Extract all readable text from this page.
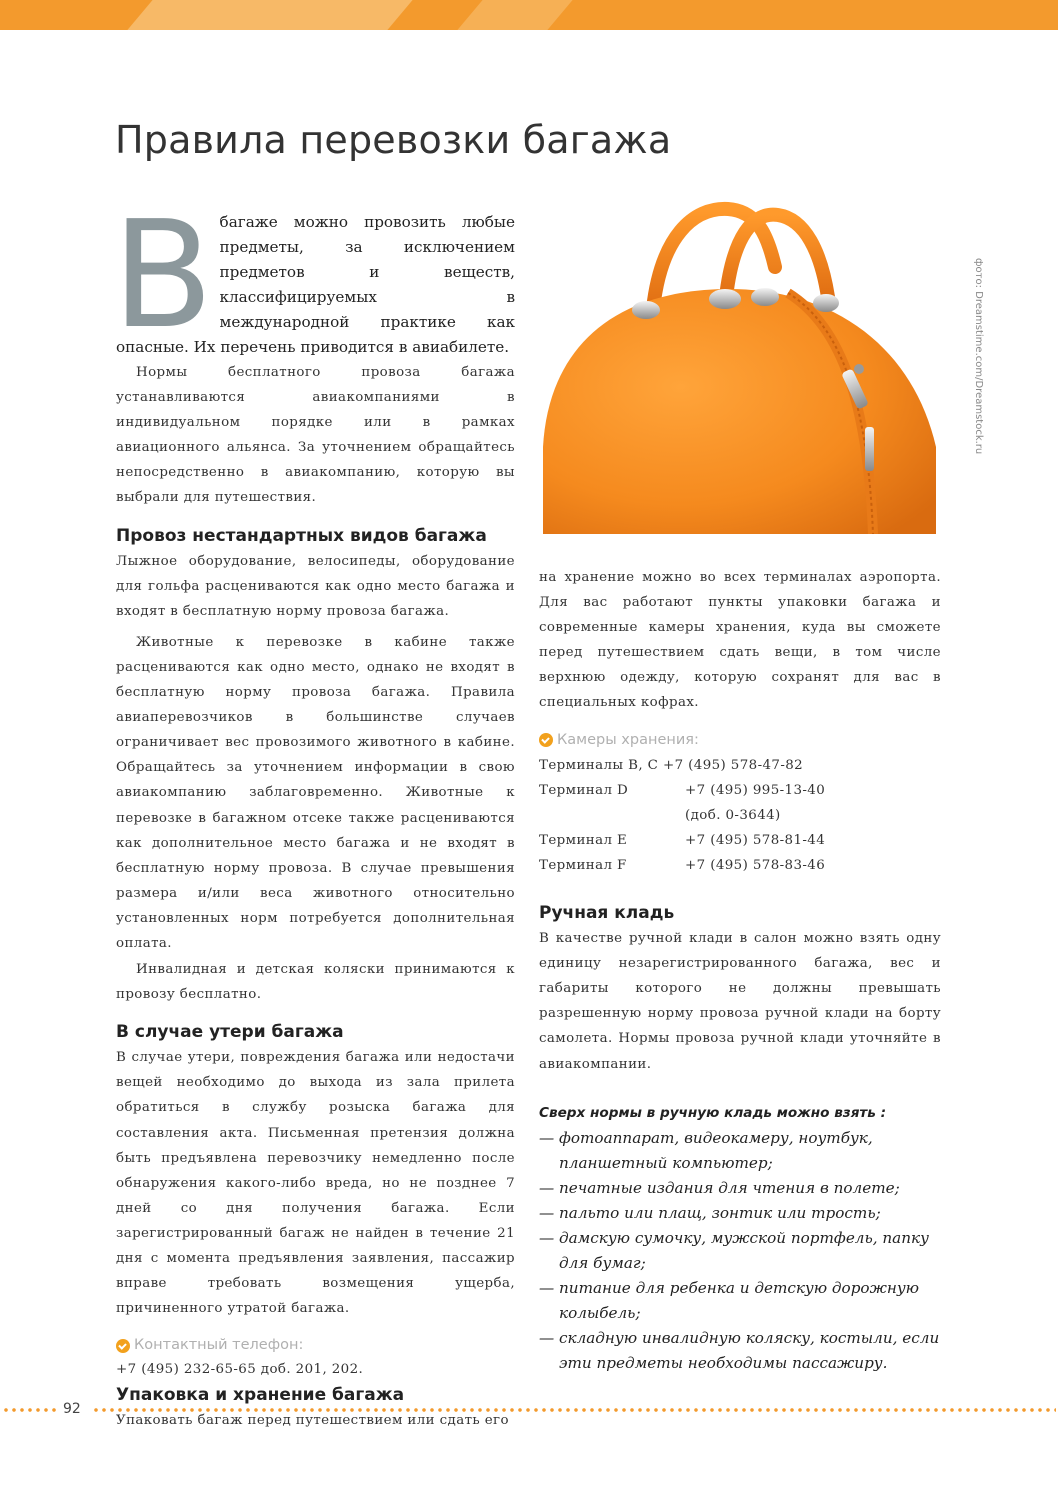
Правила перевозки багажа
В багаже можно провозить любые предметы, за исключением предметов и веществ, классифицируемых в международной практике как опасные. Их перечень приводится в авиабилете.

Нормы бесплатного провоза багажа устанавливаются авиакомпаниями в индивидуальном порядке или в рамках авиационного альянса. За уточнением обращайтесь непосредственно в авиакомпанию, которую вы выбрали для путешествия.

Провоз нестандартных видов багажа

Лыжное оборудование, велосипеды, оборудование для гольфа расцениваются как одно место багажа и входят в бесплатную норму провоза багажа.

Животные к перевозке в кабине также расцениваются как одно место, однако не входят в бесплатную норму провоза багажа. Правила авиаперевозчиков в большинстве случаев ограничивает вес провозимого животного в кабине. Обращайтесь за уточнением информации в свою авиакомпанию заблаговременно. Животные к перевозке в багажном отсеке также расцениваются как дополнительное место багажа и не входят в бесплатную норму провоза. В случае превышения размера и/или веса животного относительно установленных норм потребуется дополнительная оплата.

Инвалидная и детская коляски принимаются к провозу бесплатно.

В случае утери багажа

В случае утери, повреждения багажа или недостачи вещей необходимо до выхода из зала прилета обратиться в службу розыска багажа для составления акта. Письменная претензия должна быть предъявлена перевозчику немедленно после обнаружения какого-либо вреда, но не позднее 7 дней со дня получения багажа. Если зарегистрированный багаж не найден в течение 21 дня с момента предъявления заявления, пассажир вправе требовать возмещения ущерба, причиненного утратой багажа.

Контактный телефон:

+7 (495) 232-65-65 доб. 201, 202.

Упаковка и хранение багажа

Упаковать багаж перед путешествием или сдать его

фото: Dreamstime.com/Dreamstock.ru

на хранение можно во всех терминалах аэропорта. Для вас работают пункты упаковки багажа и современные камеры хранения, куда вы сможете перед путешествием сдать вещи, в том числе верхнюю одежду, которую сохранят для вас в специальных кофрах.

Камеры хранения:
Терминалы В, С +7 (495) 578-47-82
Терминал D	+7 (495) 995-13-40
(доб. 0-3644)
Терминал E	+7 (495) 578-81-44
Терминал F	+7 (495) 578-83-46
Ручная кладь

В качестве ручной клади в салон можно взять одну единицу незарегистрированного багажа, вес и габариты которого не должны превышать разрешенную норму провоза ручной клади на борту самолета. Нормы провоза ручной клади уточняйте в авиакомпании.

Сверх нормы в ручную кладь можно взять :
— фотоаппарат, видеокамеру, ноутбук, планшетный компьютер;
— печатные издания для чтения в полете;
— пальто или плащ, зонтик или трость;
— дамскую сумочку, мужской портфель, папку для бумаг;
— питание для ребенка и детскую дорожную колыбель;
— складную инвалидную коляску, костыли, если эти предметы необходимы пассажиру.
92
